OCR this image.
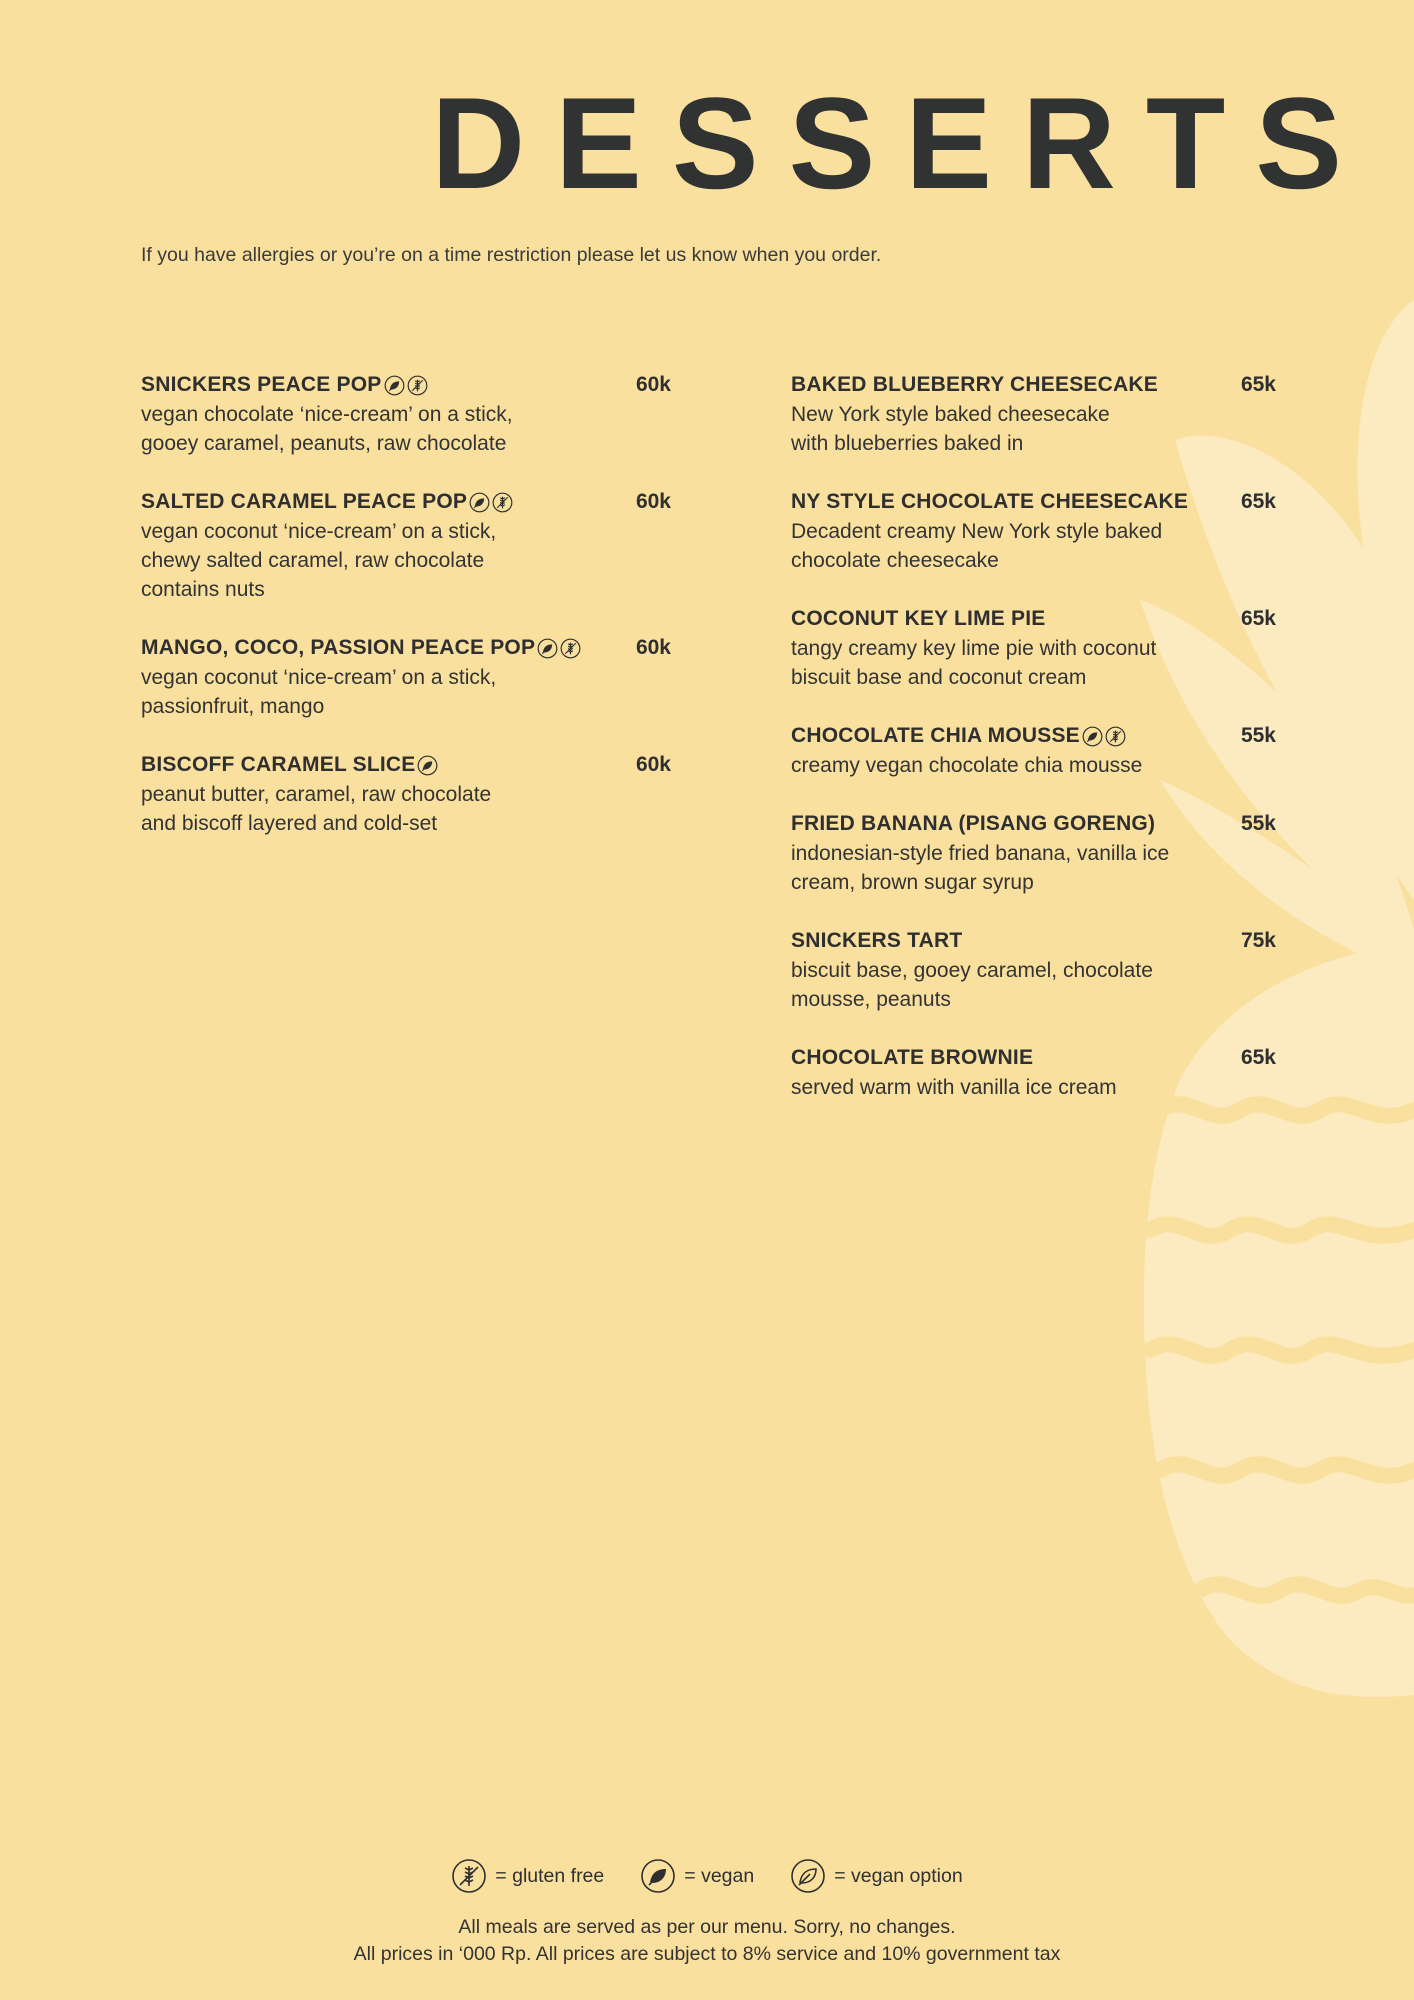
DESSERTS
If you have allergies or you’re on a time restriction please let us know when you order.
SNICKERS PEACE POP	60k
vegan chocolate ‘nice-cream’ on a stick,
gooey caramel, peanuts, raw chocolate
SALTED CARAMEL PEACE POP	60k
vegan coconut ‘nice-cream’ on a stick,
chewy salted caramel, raw chocolate
contains nuts
MANGO, COCO, PASSION PEACE POP	60k
vegan coconut ‘nice-cream’ on a stick,
passionfruit, mango
BISCOFF CARAMEL SLICE	60k
peanut butter, caramel, raw chocolate
and biscoff layered and cold-set
BAKED BLUEBERRY CHEESECAKE	65k
New York style baked cheesecake
with blueberries baked in
NY STYLE CHOCOLATE CHEESECAKE	65k
Decadent creamy New York style baked
chocolate cheesecake
COCONUT KEY LIME PIE	65k
tangy creamy key lime pie with coconut
biscuit base and coconut cream
CHOCOLATE CHIA MOUSSE	55k
creamy vegan chocolate chia mousse
FRIED BANANA (PISANG GORENG)	55k
indonesian-style fried banana, vanilla ice
cream, brown sugar syrup
SNICKERS TART	75k
biscuit base, gooey caramel, chocolate
mousse, peanuts
CHOCOLATE BROWNIE	65k
served warm with vanilla ice cream
= gluten free	= vegan	= vegan option
All meals are served as per our menu. Sorry, no changes.
All prices in ‘000 Rp. All prices are subject to 8% service and 10% government tax
